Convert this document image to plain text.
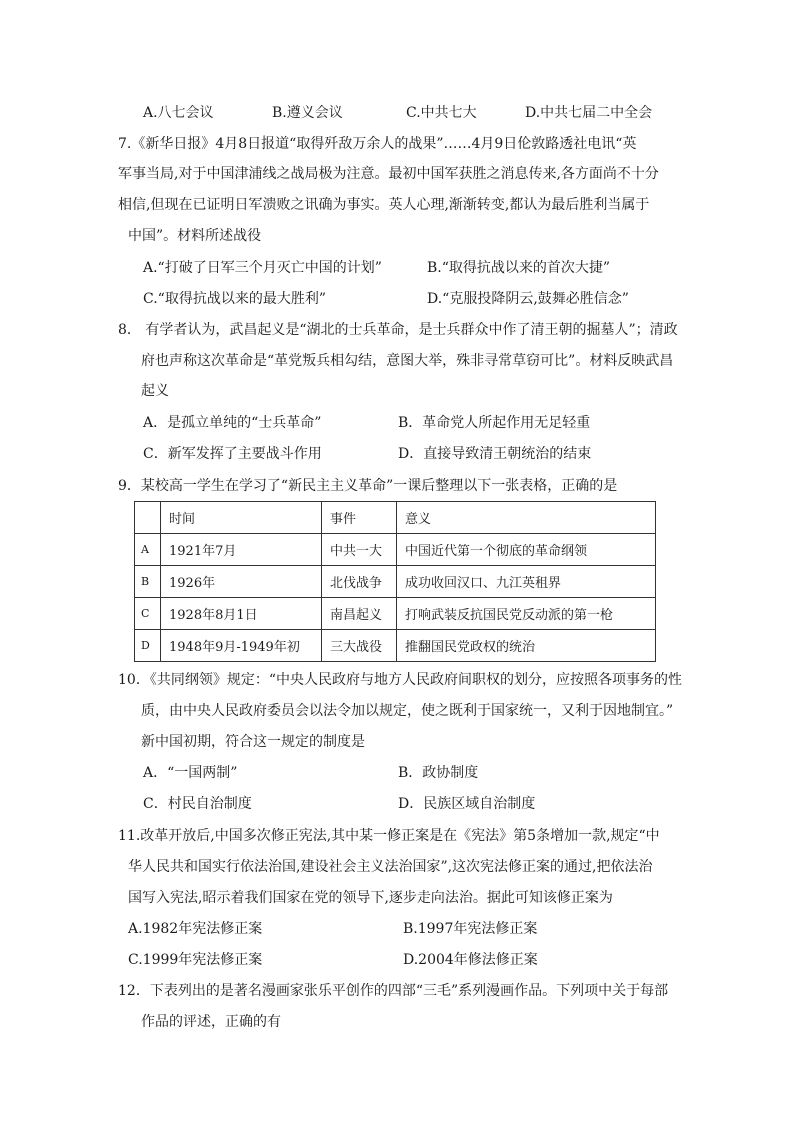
A.八七会议	B.遵义会议	C.中共七大	D.中共七届二中全会
7.《新华日报》4月8日报道“取得歼敌万余人的战果”……4月9日伦敦路透社电讯“英
军事当局,对于中国津浦线之战局极为注意。最初中国军获胜之消息传来,各方面尚不十分
相信,但现在已证明日军溃败之讯确为事实。英人心理,渐渐转变,都认为最后胜利当属于
中国”。材料所述战役
A.“打破了日军三个月灭亡中国的计划”	B.“取得抗战以来的首次大捷”
C.“取得抗战以来的最大胜利”	D.“克服投降阴云,鼓舞必胜信念”
8． 有学者认为，武昌起义是“湖北的士兵革命，是士兵群众中作了清王朝的掘墓人”；清政
府也声称这次革命是“革党叛兵相勾结，意图大举，殊非寻常草窃可比”。材料反映武昌
起义
A．是孤立单纯的“士兵革命”	B．革命党人所起作用无足轻重
C．新军发挥了主要战斗作用	D．直接导致清王朝统治的结束
9．某校高一学生在学习了“新民主主义革命”一课后整理以下一张表格，正确的是
	时间	事件	意义
A	1921年7月	中共一大	中国近代第一个彻底的革命纲领
B	1926年	北伐战争	成功收回汉口、九江英租界
C	1928年8月1日	南昌起义	打响武装反抗国民党反动派的第一枪
D	1948年9月-1949年初	三大战役	推翻国民党政权的统治
10．《共同纲领》规定：“中央人民政府与地方人民政府间职权的划分，应按照各项事务的性
质，由中央人民政府委员会以法令加以规定，使之既利于国家统一，又利于因地制宜。”
新中国初期，符合这一规定的制度是
A．“一国两制”	B．政协制度
C．村民自治制度	D．民族区域自治制度
11.改革开放后,中国多次修正宪法,其中某一修正案是在《宪法》第5条增加一款,规定“中
华人民共和国实行依法治国,建设社会主义法治国家”,这次宪法修正案的通过,把依法治
国写入宪法,昭示着我们国家在党的领导下,逐步走向法治。据此可知该修正案为
A.1982年宪法修正案	B.1997年宪法修正案
C.1999年宪法修正案	D.2004年修法修正案
12．下表列出的是著名漫画家张乐平创作的四部“三毛”系列漫画作品。下列项中关于每部
作品的评述，正确的有
